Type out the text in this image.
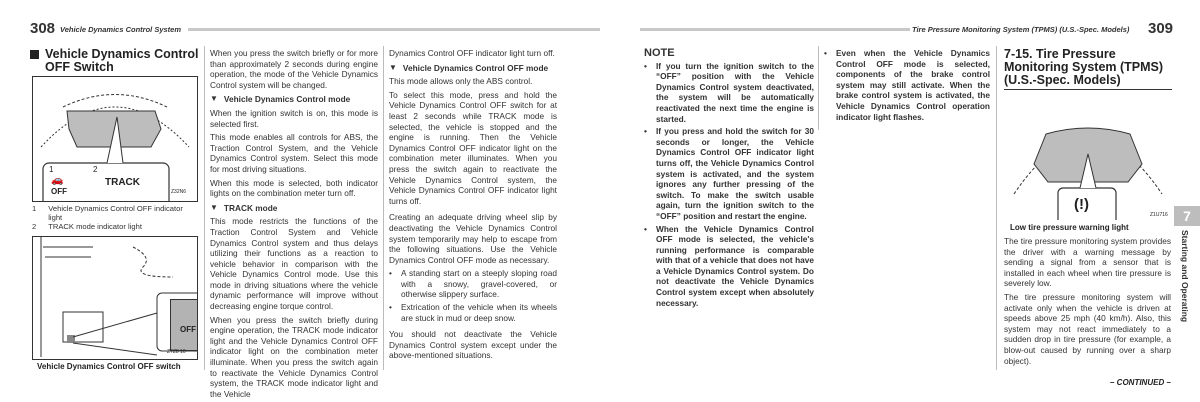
308 Vehicle Dynamics Control System	Tire Pressure Monitoring System (TPMS) (U.S.-Spec. Models) 309
Vehicle Dynamics Control
OFF Switch
1	2
🚗
OFF
TRACK
Z32N6
1 Vehicle Dynamics Control OFF indicator light
2 TRACK mode indicator light
OFF
Z7Z8 10
Vehicle Dynamics Control OFF switch

When you press the switch briefly or for more than approximately 2 seconds during engine operation, the mode of the Vehicle Dynamics Control system will be changed.

▼ Vehicle Dynamics Control mode

When the ignition switch is on, this mode is selected first.

This mode enables all controls for ABS, the Traction Control System, and the Vehicle Dynamics Control system. Select this mode for most driving situations.

When this mode is selected, both indicator lights on the combination meter turn off.

▼ TRACK mode

This mode restricts the functions of the Traction Control System and Vehicle Dynamics Control system and thus delays utilizing their functions as a reaction to vehicle behavior in comparison with the Vehicle Dynamics Control mode. Use this mode in driving situations where the vehicle dynamic performance will improve without decreasing engine torque control.

When you press the switch briefly during engine operation, the TRACK mode indicator light and the Vehicle Dynamics Control OFF indicator light on the combination meter illuminate. When you press the switch again to reactivate the Vehicle Dynamics Control system, the TRACK mode indicator light and the Vehicle

Dynamics Control OFF indicator light turn off.

▼ Vehicle Dynamics Control OFF mode

This mode allows only the ABS control.

To select this mode, press and hold the Vehicle Dynamics Control OFF switch for at least 2 seconds while TRACK mode is selected, the vehicle is stopped and the engine is running. Then the Vehicle Dynamics Control OFF indicator light on the combination meter illuminates. When you press the switch again to reactivate the Vehicle Dynamics Control system, the Vehicle Dynamics Control OFF indicator light turns off.

Creating an adequate driving wheel slip by deactivating the Vehicle Dynamics Control system temporarily may help to escape from the following situations. Use the Vehicle Dynamics Control OFF mode as necessary.

•	A standing start on a steeply sloping road with a snowy, gravel-covered, or otherwise slippery surface.
•	Extrication of the vehicle when its wheels are stuck in mud or deep snow.

You should not deactivate the Vehicle Dynamics Control system except under the above-mentioned situations.

NOTE
•	If you turn the ignition switch to the “OFF” position with the Vehicle Dynamics Control system deactivated, the system will be automatically reactivated the next time the engine is started.
•	If you press and hold the switch for 30 seconds or longer, the Vehicle Dynamics Control OFF indicator light turns off, the Vehicle Dynamics Control system is activated, and the system ignores any further pressing of the switch. To make the switch usable again, turn the ignition switch to the “OFF” position and restart the engine.
•	When the Vehicle Dynamics Control OFF mode is selected, the vehicle's running performance is comparable with that of a vehicle that does not have a Vehicle Dynamics Control system. Do not deactivate the Vehicle Dynamics Control system except when absolutely necessary.
•	Even when the Vehicle Dynamics Control OFF mode is selected, components of the brake control system may still activate. When the brake control system is activated, the Vehicle Dynamics Control operation indicator light flashes.
7-15. Tire Pressure Monitoring System (TPMS) (U.S.-Spec. Models)
(!)
Z1U716
Low tire pressure warning light

The tire pressure monitoring system provides the driver with a warning message by sending a signal from a sensor that is installed in each wheel when tire pressure is severely low.

The tire pressure monitoring system will activate only when the vehicle is driven at speeds above 25 mph (40 km/h). Also, this system may not react immediately to a sudden drop in tire pressure (for example, a blow-out caused by running over a sharp object).

– CONTINUED –
7
Starting and Operating
